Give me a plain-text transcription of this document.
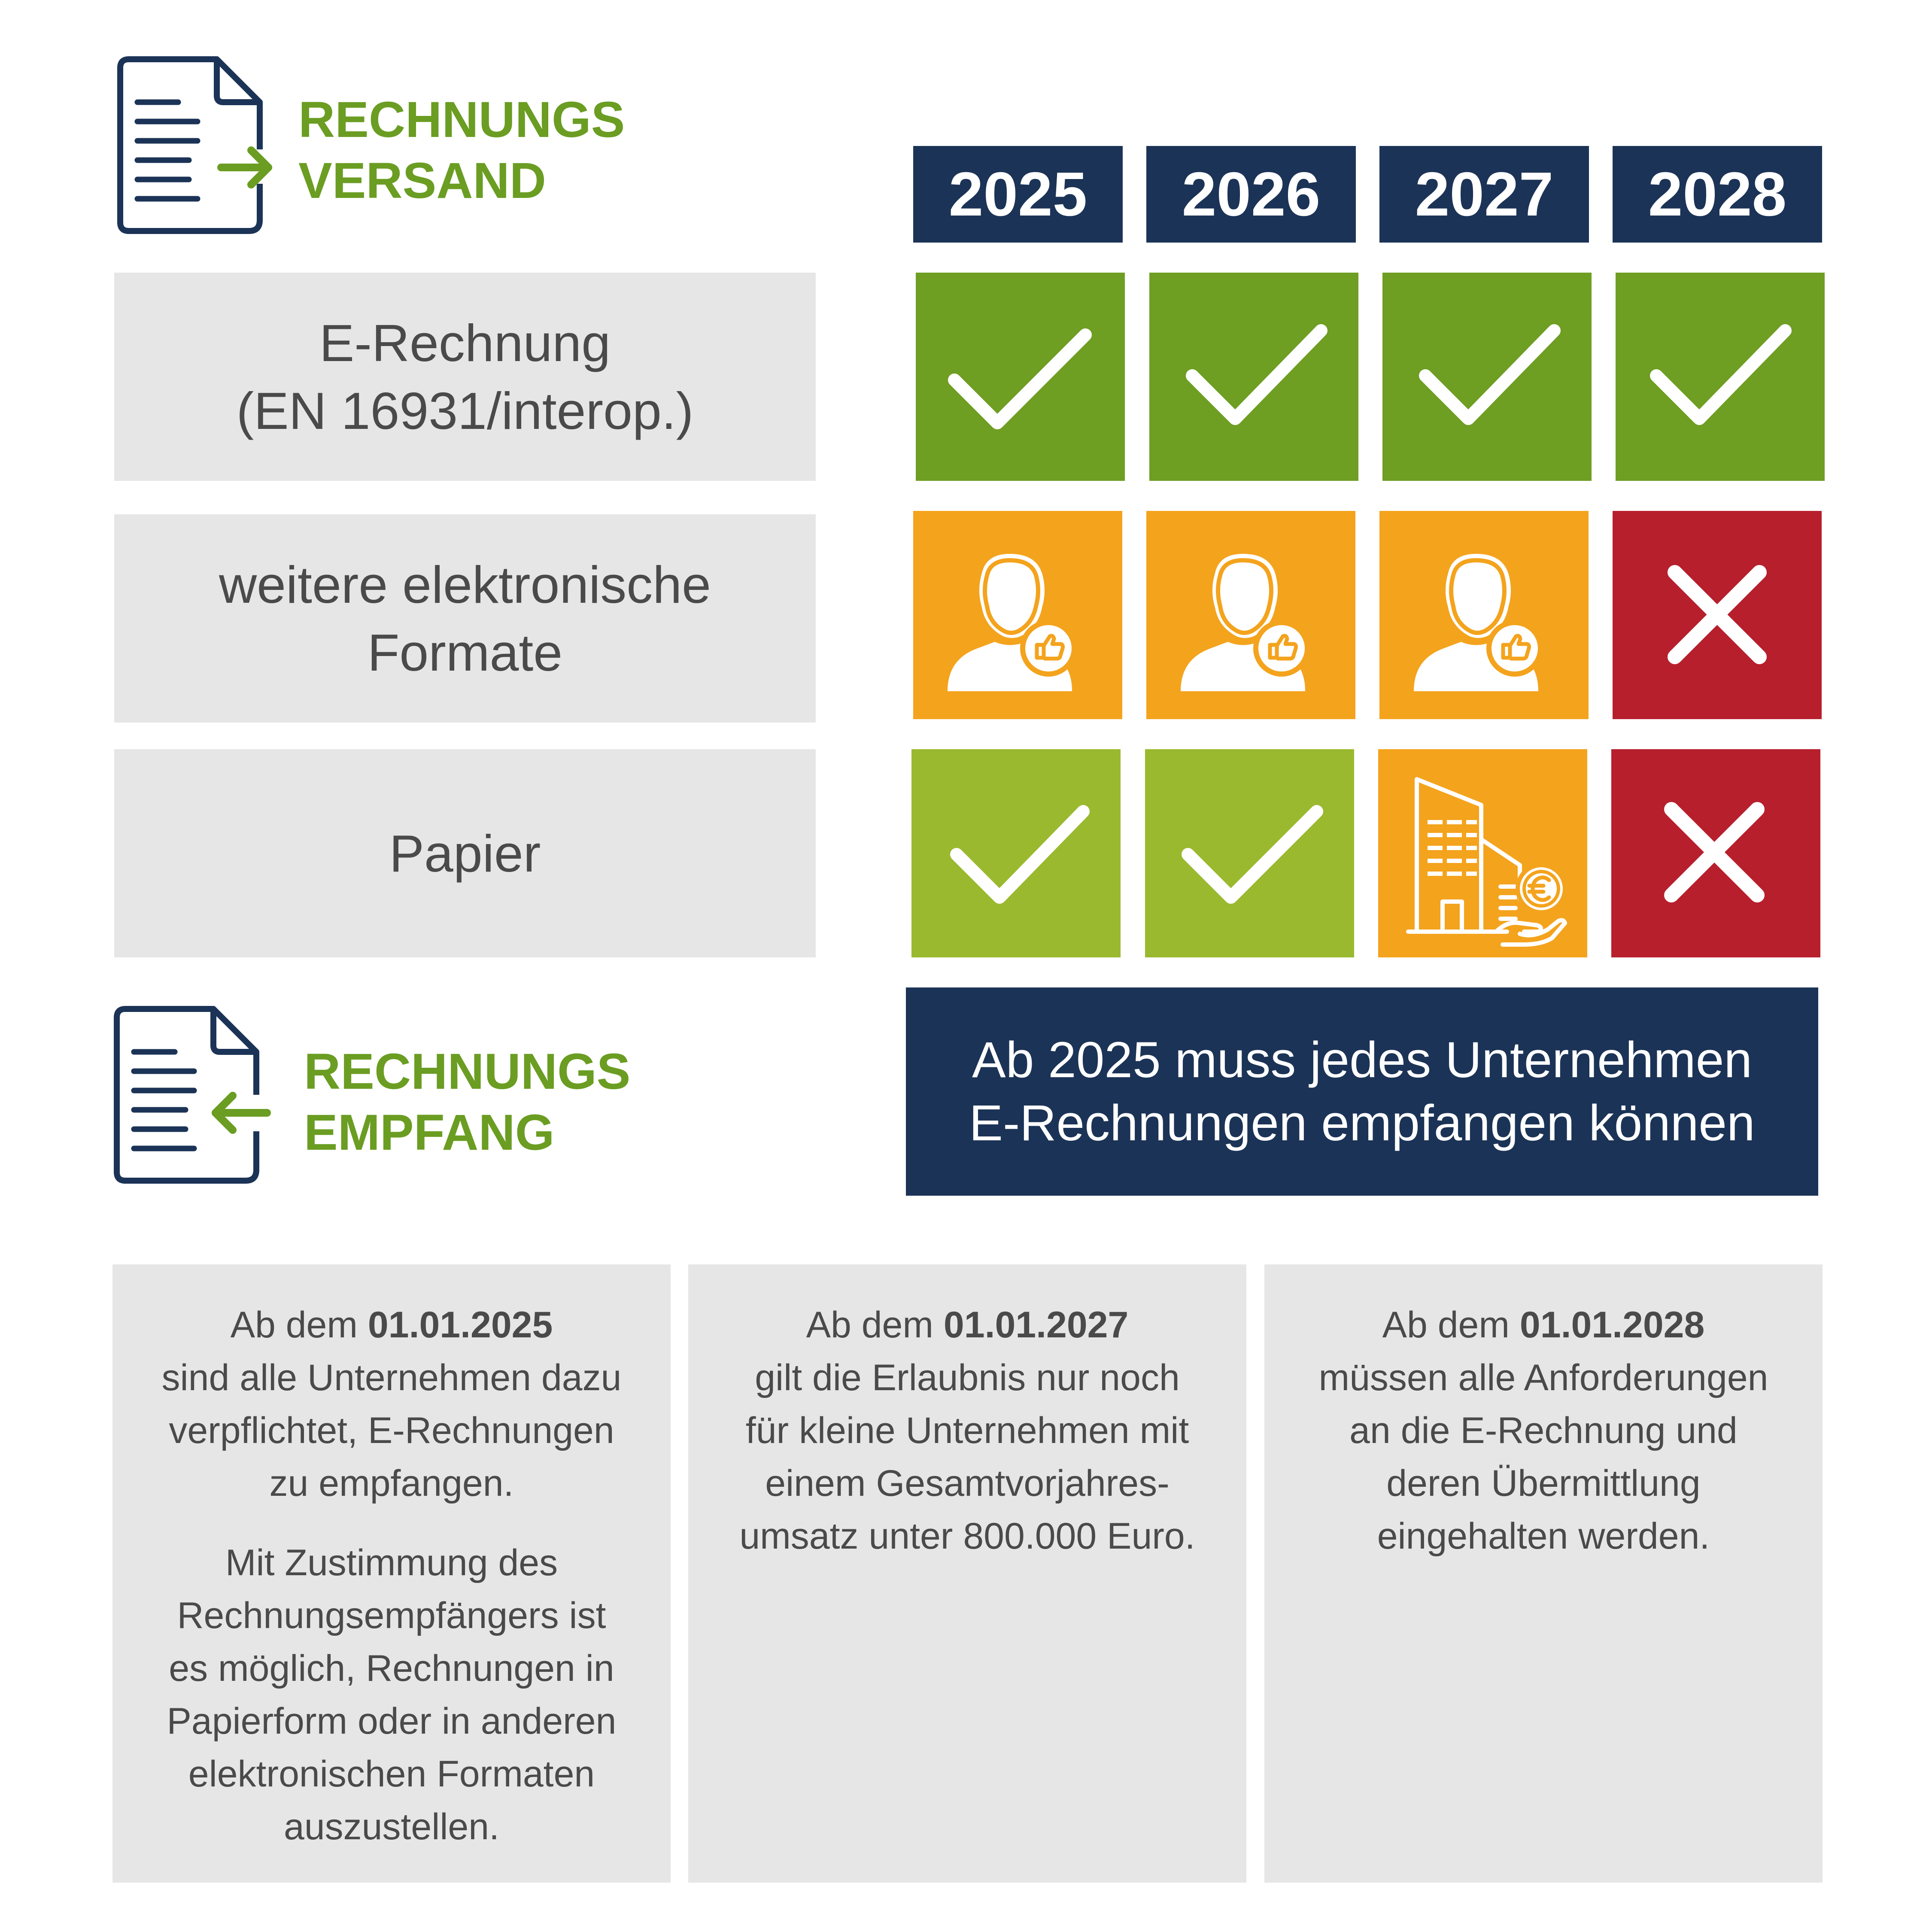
RECHNUNGS
VERSAND	2025	2026	2027	2028
E-Rechnung
(EN 16931/interop.)
weitere elektronische
Formate
Papier
RECHNUNGS
EMPFANG
Ab 2025 muss jedes Unternehmen
E-Rechnungen empfangen können

Ab dem 01.01.2025

sind alle Unternehmen dazu

verpflichtet, E-Rechnungen

zu empfangen.

Mit Zustimmung des

Rechnungsempfängers ist

es möglich, Rechnungen in

Papierform oder in anderen

elektronischen Formaten

auszustellen.

Ab dem 01.01.2027

gilt die Erlaubnis nur noch

für kleine Unternehmen mit

einem Gesamtvorjahres-

umsatz unter 800.000 Euro.

Ab dem 01.01.2028

müssen alle Anforderungen

an die E-Rechnung und

deren Übermittlung

eingehalten werden.
